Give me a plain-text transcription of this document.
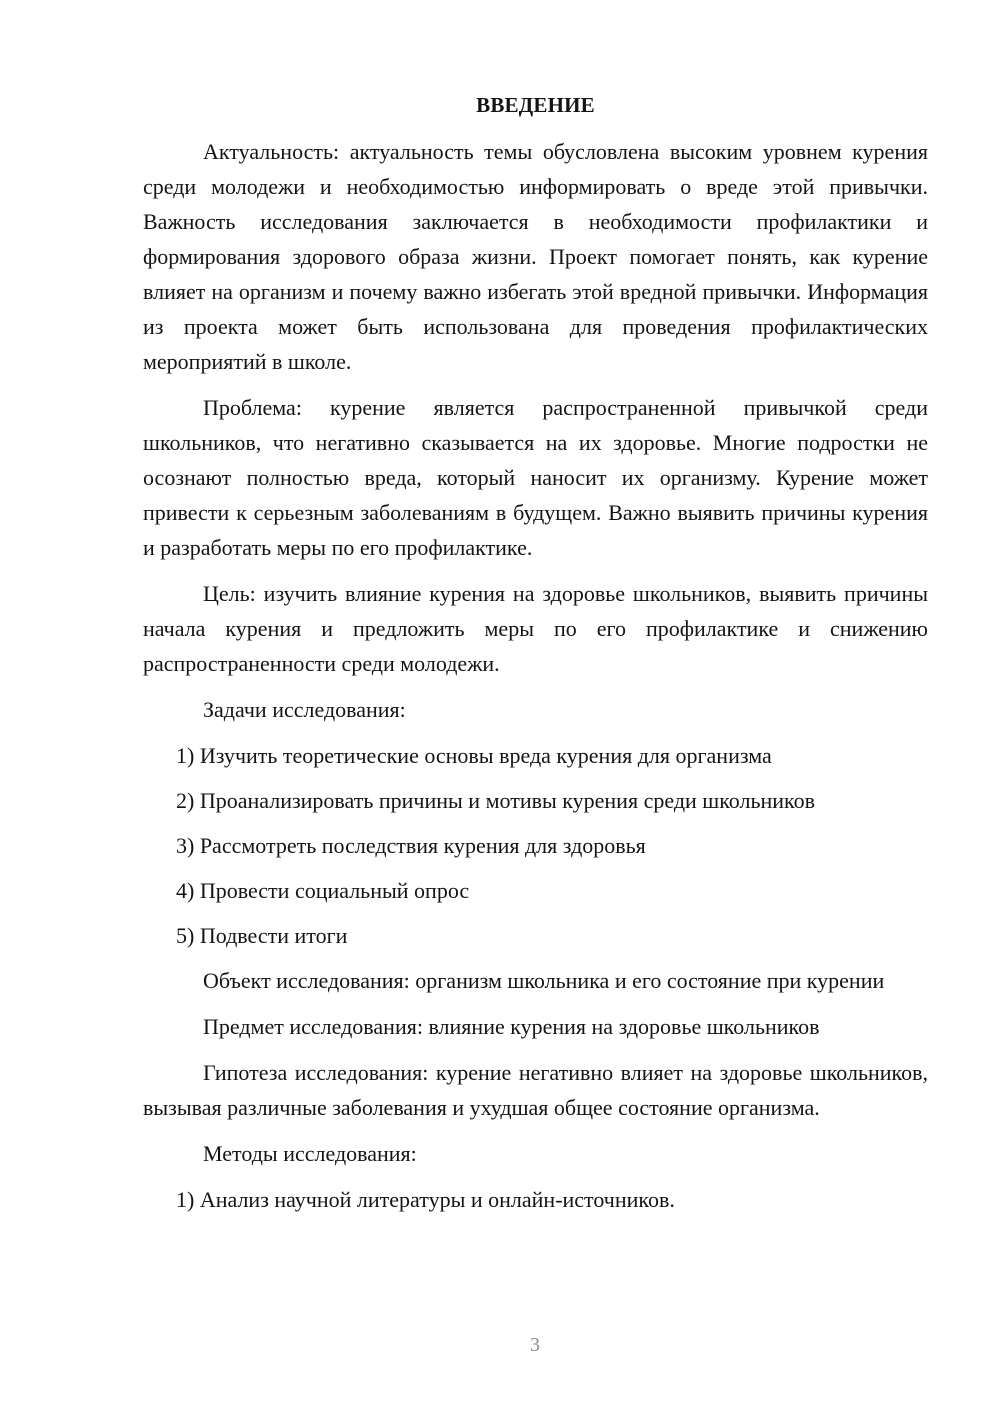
ВВЕДЕНИЕ

Актуальность: актуальность темы обусловлена высоким уровнем курения среди молодежи и необходимостью информировать о вреде этой привычки. Важность исследования заключается в необходимости профилактики и формирования здорового образа жизни. Проект помогает понять, как курение влияет на организм и почему важно избегать этой вредной привычки. Информация из проекта может быть использована для проведения профилактических мероприятий в школе.

Проблема: курение является распространенной привычкой среди школьников, что негативно сказывается на их здоровье. Многие подростки не осознают полностью вреда, который наносит их организму. Курение может привести к серьезным заболеваниям в будущем. Важно выявить причины курения и разработать меры по его профилактике.

Цель: изучить влияние курения на здоровье школьников, выявить причины начала курения и предложить меры по его профилактике и снижению распространенности среди молодежи.

Задачи исследования:

1) Изучить теоретические основы вреда курения для организма

2) Проанализировать причины и мотивы курения среди школьников

3) Рассмотреть последствия курения для здоровья

4) Провести социальный опрос

5) Подвести итоги

Объект исследования: организм школьника и его состояние при курении

Предмет исследования: влияние курения на здоровье школьников

Гипотеза исследования: курение негативно влияет на здоровье школьников, вызывая различные заболевания и ухудшая общее состояние организма.

Методы исследования:

1) Анализ научной литературы и онлайн-источников.

3
